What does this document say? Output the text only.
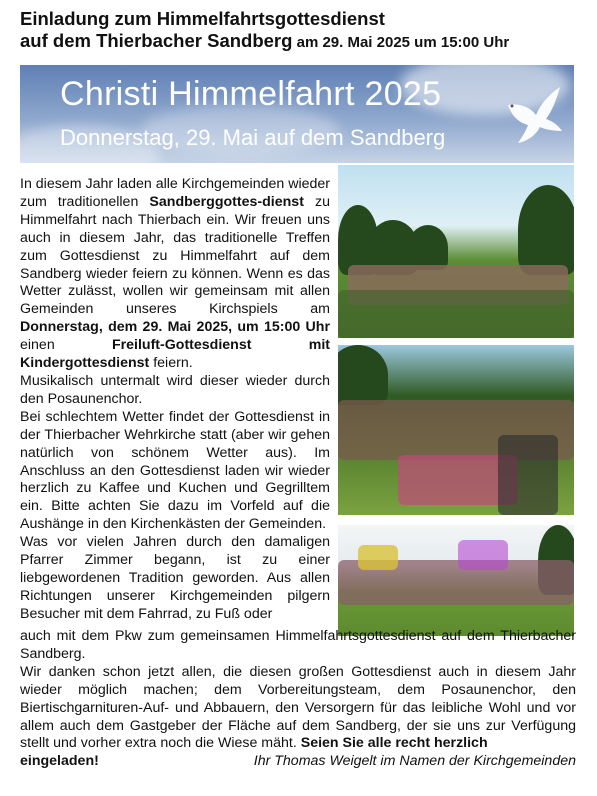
Einladung zum Himmelfahrtsgottesdienst
auf dem Thierbacher Sandberg am 29. Mai 2025 um 15:00 Uhr
Christi Himmelfahrt 2025
Donnerstag, 29. Mai auf dem Sandberg

In diesem Jahr laden alle Kirchgemeinden wieder zum traditionellen Sandberggottes-dienst zu Himmelfahrt nach Thierbach ein. Wir freuen uns auch in diesem Jahr, das traditionelle Treffen zum Gottesdienst zu Himmelfahrt auf dem Sandberg wieder feiern zu können. Wenn es das Wetter zulässt, wollen wir gemeinsam mit allen Gemeinden unseres Kirchspiels am Donnerstag, dem 29. Mai 2025, um 15:00 Uhr einen Freiluft-Gottesdienst mit Kindergottesdienst feiern.

Musikalisch untermalt wird dieser wieder durch den Posaunenchor.

Bei schlechtem Wetter findet der Gottesdienst in der Thierbacher Wehrkirche statt (aber wir gehen natürlich von schönem Wetter aus). Im Anschluss an den Gottesdienst laden wir wieder herzlich zu Kaffee und Kuchen und Gegrilltem ein. Bitte achten Sie dazu im Vorfeld auf die Aushänge in den Kirchenkästen der Gemeinden.

Was vor vielen Jahren durch den damaligen Pfarrer Zimmer begann, ist zu einer liebgewordenen Tradition geworden. Aus allen Richtungen unserer Kirchgemeinden pilgern Besucher mit dem Fahrrad, zu Fuß oder

auch mit dem Pkw zum gemeinsamen Himmelfahrtsgottesdienst auf dem Thierbacher Sandberg.

Wir danken schon jetzt allen, die diesen großen Gottesdienst auch in diesem Jahr wieder möglich machen; dem Vorbereitungsteam, dem Posaunenchor, den Biertischgarnituren-Auf- und Abbauern, den Versorgern für das leibliche Wohl und vor allem auch dem Gastgeber der Fläche auf dem Sandberg, der sie uns zur Verfügung stellt und vorher extra noch die Wiese mäht. Seien Sie alle recht herzlich

eingeladen!	Ihr Thomas Weigelt im Namen der Kirchgemeinden
